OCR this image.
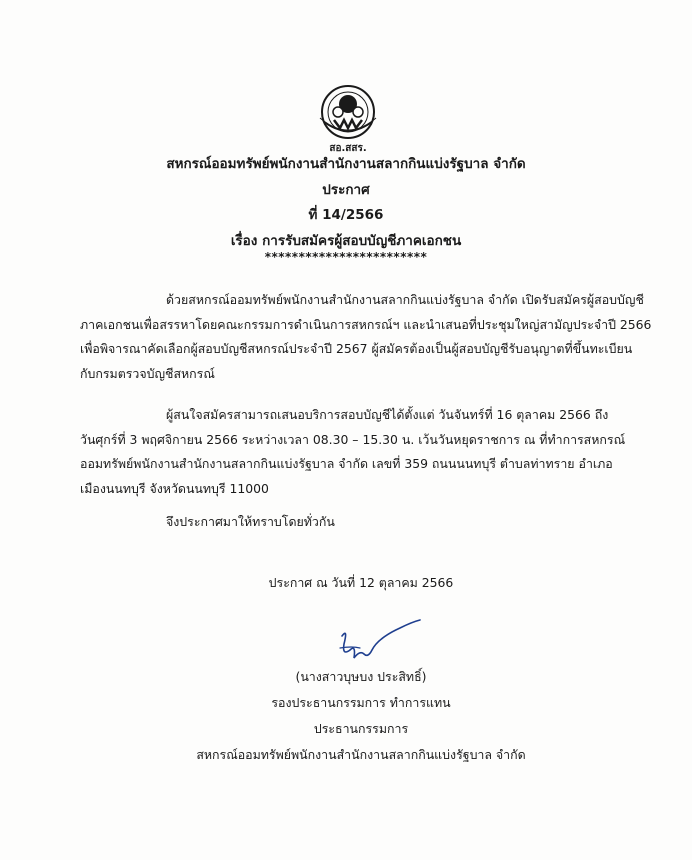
สอ.สสร.
สหกรณ์ออมทรัพย์พนักงานสำนักงานสลากกินแบ่งรัฐบาล จำกัด
ประกาศ
ที่ 14/2566
เรื่อง การรับสมัครผู้สอบบัญชีภาคเอกชน
************************
ด้วยสหกรณ์ออมทรัพย์พนักงานสำนักงานสลากกินแบ่งรัฐบาล จำกัด เปิดรับสมัครผู้สอบบัญชี
ภาคเอกชนเพื่อสรรหาโดยคณะกรรมการดำเนินการสหกรณ์ฯ และนำเสนอที่ประชุมใหญ่สามัญประจำปี 2566
เพื่อพิจารณาคัดเลือกผู้สอบบัญชีสหกรณ์ประจำปี 2567 ผู้สมัครต้องเป็นผู้สอบบัญชีรับอนุญาตที่ขึ้นทะเบียน
กับกรมตรวจบัญชีสหกรณ์
ผู้สนใจสมัครสามารถเสนอบริการสอบบัญชีได้ตั้งแต่ วันจันทร์ที่ 16 ตุลาคม 2566 ถึง
วันศุกร์ที่ 3 พฤศจิกายน 2566 ระหว่างเวลา 08.30 – 15.30 น. เว้นวันหยุดราชการ ณ ที่ทำการสหกรณ์
ออมทรัพย์พนักงานสำนักงานสลากกินแบ่งรัฐบาล จำกัด เลขที่ 359 ถนนนนทบุรี ตำบลท่าทราย อำเภอ
เมืองนนทบุรี จังหวัดนนทบุรี 11000
จึงประกาศมาให้ทราบโดยทั่วกัน
ประกาศ ณ วันที่ 12 ตุลาคม 2566
(นางสาวบุษบง ประสิทธิ์)
รองประธานกรรมการ ทำการแทน
ประธานกรรมการ
สหกรณ์ออมทรัพย์พนักงานสำนักงานสลากกินแบ่งรัฐบาล จำกัด
